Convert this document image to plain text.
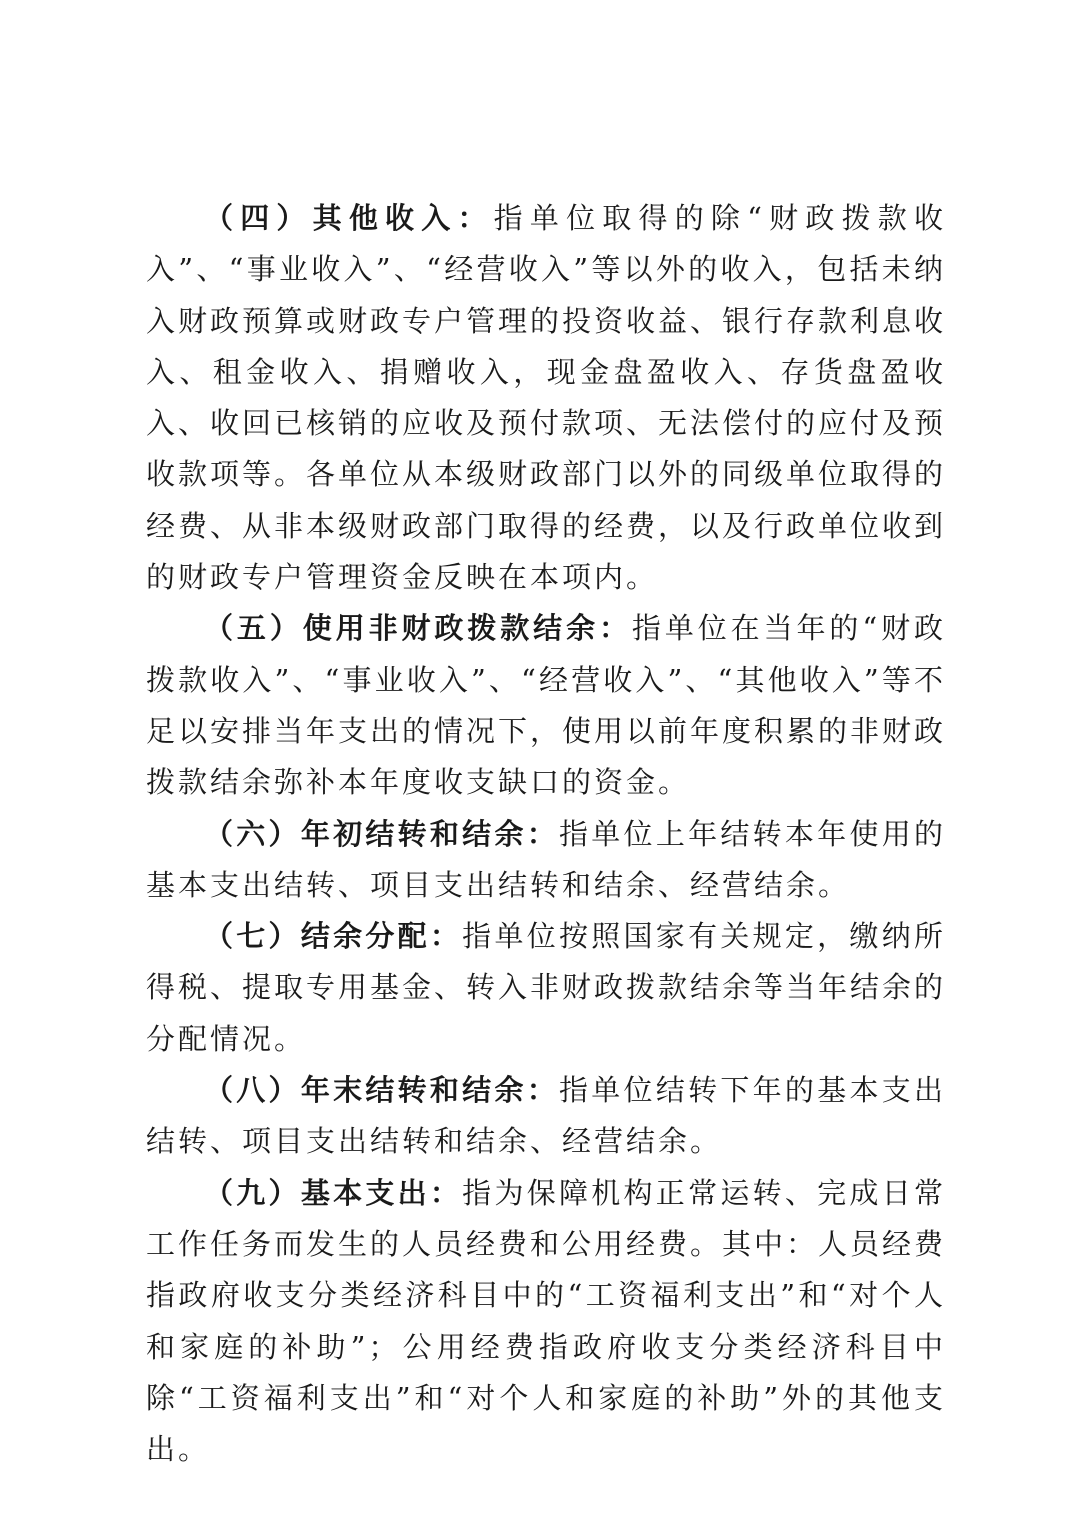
（四）其他收入：指单位取得的除“财政拨款收入”、“事业收入”、“经营收入”等以外的收入，包括未纳入财政预算或财政专户管理的投资收益、银行存款利息收入、租金收入、捐赠收入，现金盘盈收入、存货盘盈收入、收回已核销的应收及预付款项、无法偿付的应付及预收款项等。各单位从本级财政部门以外的同级单位取得的经费、从非本级财政部门取得的经费，以及行政单位收到的财政专户管理资金反映在本项内。

（五）使用非财政拨款结余：指单位在当年的“财政拨款收入”、“事业收入”、“经营收入”、“其他收入”等不足以安排当年支出的情况下，使用以前年度积累的非财政拨款结余弥补本年度收支缺口的资金。

（六）年初结转和结余：指单位上年结转本年使用的基本支出结转、项目支出结转和结余、经营结余。

（七）结余分配：指单位按照国家有关规定，缴纳所得税、提取专用基金、转入非财政拨款结余等当年结余的分配情况。

（八）年末结转和结余：指单位结转下年的基本支出结转、项目支出结转和结余、经营结余。

（九）基本支出：指为保障机构正常运转、完成日常工作任务而发生的人员经费和公用经费。其中：人员经费指政府收支分类经济科目中的“工资福利支出”和“对个人和家庭的补助”；公用经费指政府收支分类经济科目中除“工资福利支出”和“对个人和家庭的补助”外的其他支出。
